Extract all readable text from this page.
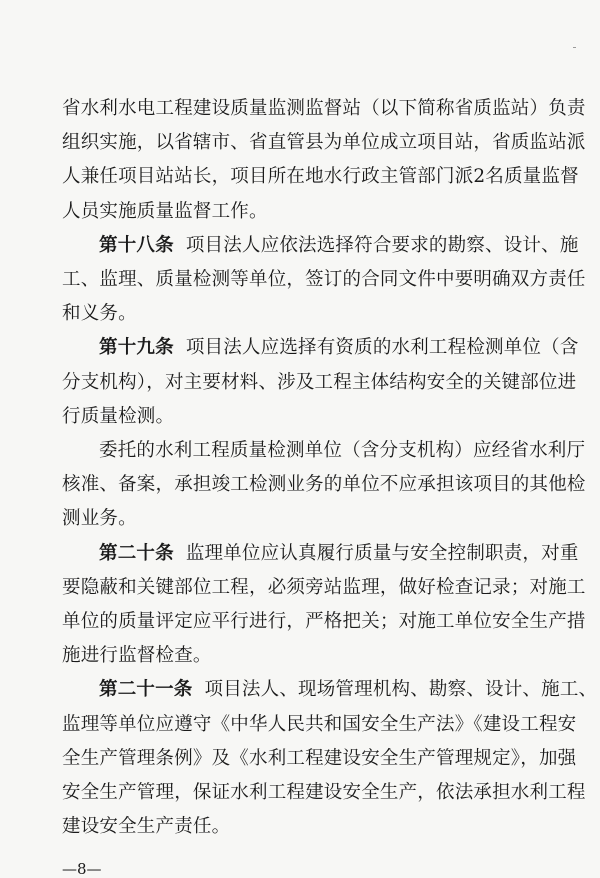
省水利水电工程建设质量监测监督站（以下简称省质监站）负责
组织实施，以省辖市、省直管县为单位成立项目站，省质监站派
人兼任项目站站长，项目所在地水行政主管部门派2名质量监督
人员实施质量监督工作。
第十八条 项目法人应依法选择符合要求的勘察、设计、施
工、监理、质量检测等单位，签订的合同文件中要明确双方责任
和义务。
第十九条 项目法人应选择有资质的水利工程检测单位（含
分支机构），对主要材料、涉及工程主体结构安全的关键部位进
行质量检测。
委托的水利工程质量检测单位（含分支机构）应经省水利厅
核准、备案，承担竣工检测业务的单位不应承担该项目的其他检
测业务。
第二十条 监理单位应认真履行质量与安全控制职责，对重
要隐蔽和关键部位工程，必须旁站监理，做好检查记录；对施工
单位的质量评定应平行进行，严格把关；对施工单位安全生产措
施进行监督检查。
第二十一条 项目法人、现场管理机构、勘察、设计、施工、
监理等单位应遵守《中华人民共和国安全生产法》《建设工程安
全生产管理条例》及《水利工程建设安全生产管理规定》，加强
安全生产管理，保证水利工程建设安全生产，依法承担水利工程
建设安全生产责任。
—8—
